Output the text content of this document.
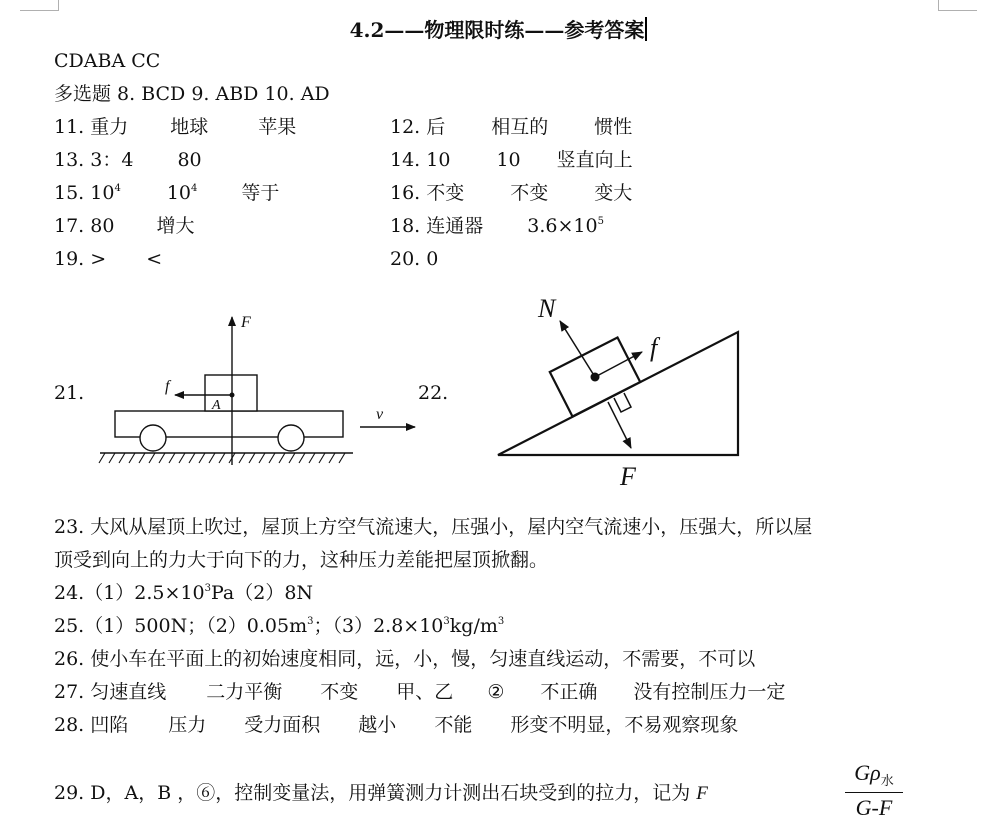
4.2——物理限时练——参考答案
CDABA CC
多选题 8. BCD 9. ABD 10. AD
11. 重力 地球	苹果	12. 后 相互的 惯性
13. 3：4 80	14. 10 10 竖直向上
15. $10^4$ $10^4$ 等于	16. 不变 不变 变大
17. 80 增大	18. 连通器 $3.6\times 10^5$
19. > <	20. 0
21.	22.
F
f
A
v
N
f
F
23. 大风从屋顶上吹过，屋顶上方空气流速大，压强小，屋内空气流速小，压强大，所以屋
顶受到向上的力大于向下的力，这种压力差能把屋顶掀翻。
$24.(1)2.5\times 10^3Pa(2)8N$
25.（1）500N；$(2)0.05m^3$；$(3)2.8\times 10^3kg/m^3$
26. 使小车在平面上的初始速度相同，远，小，慢，匀速直线运动，不需要，不可以
27. 匀速直线 二力平衡 不变 甲、乙 ② 不正确 没有控制压力一定
28. 凹陷 压力 受力面积 越小 不能 形变不明显，不易观察现象
29. D，A，B ，⑥，控制变量法，用弹簧测力计测出石块受到的拉力，记为 F
$G\rho_水$
G-F
